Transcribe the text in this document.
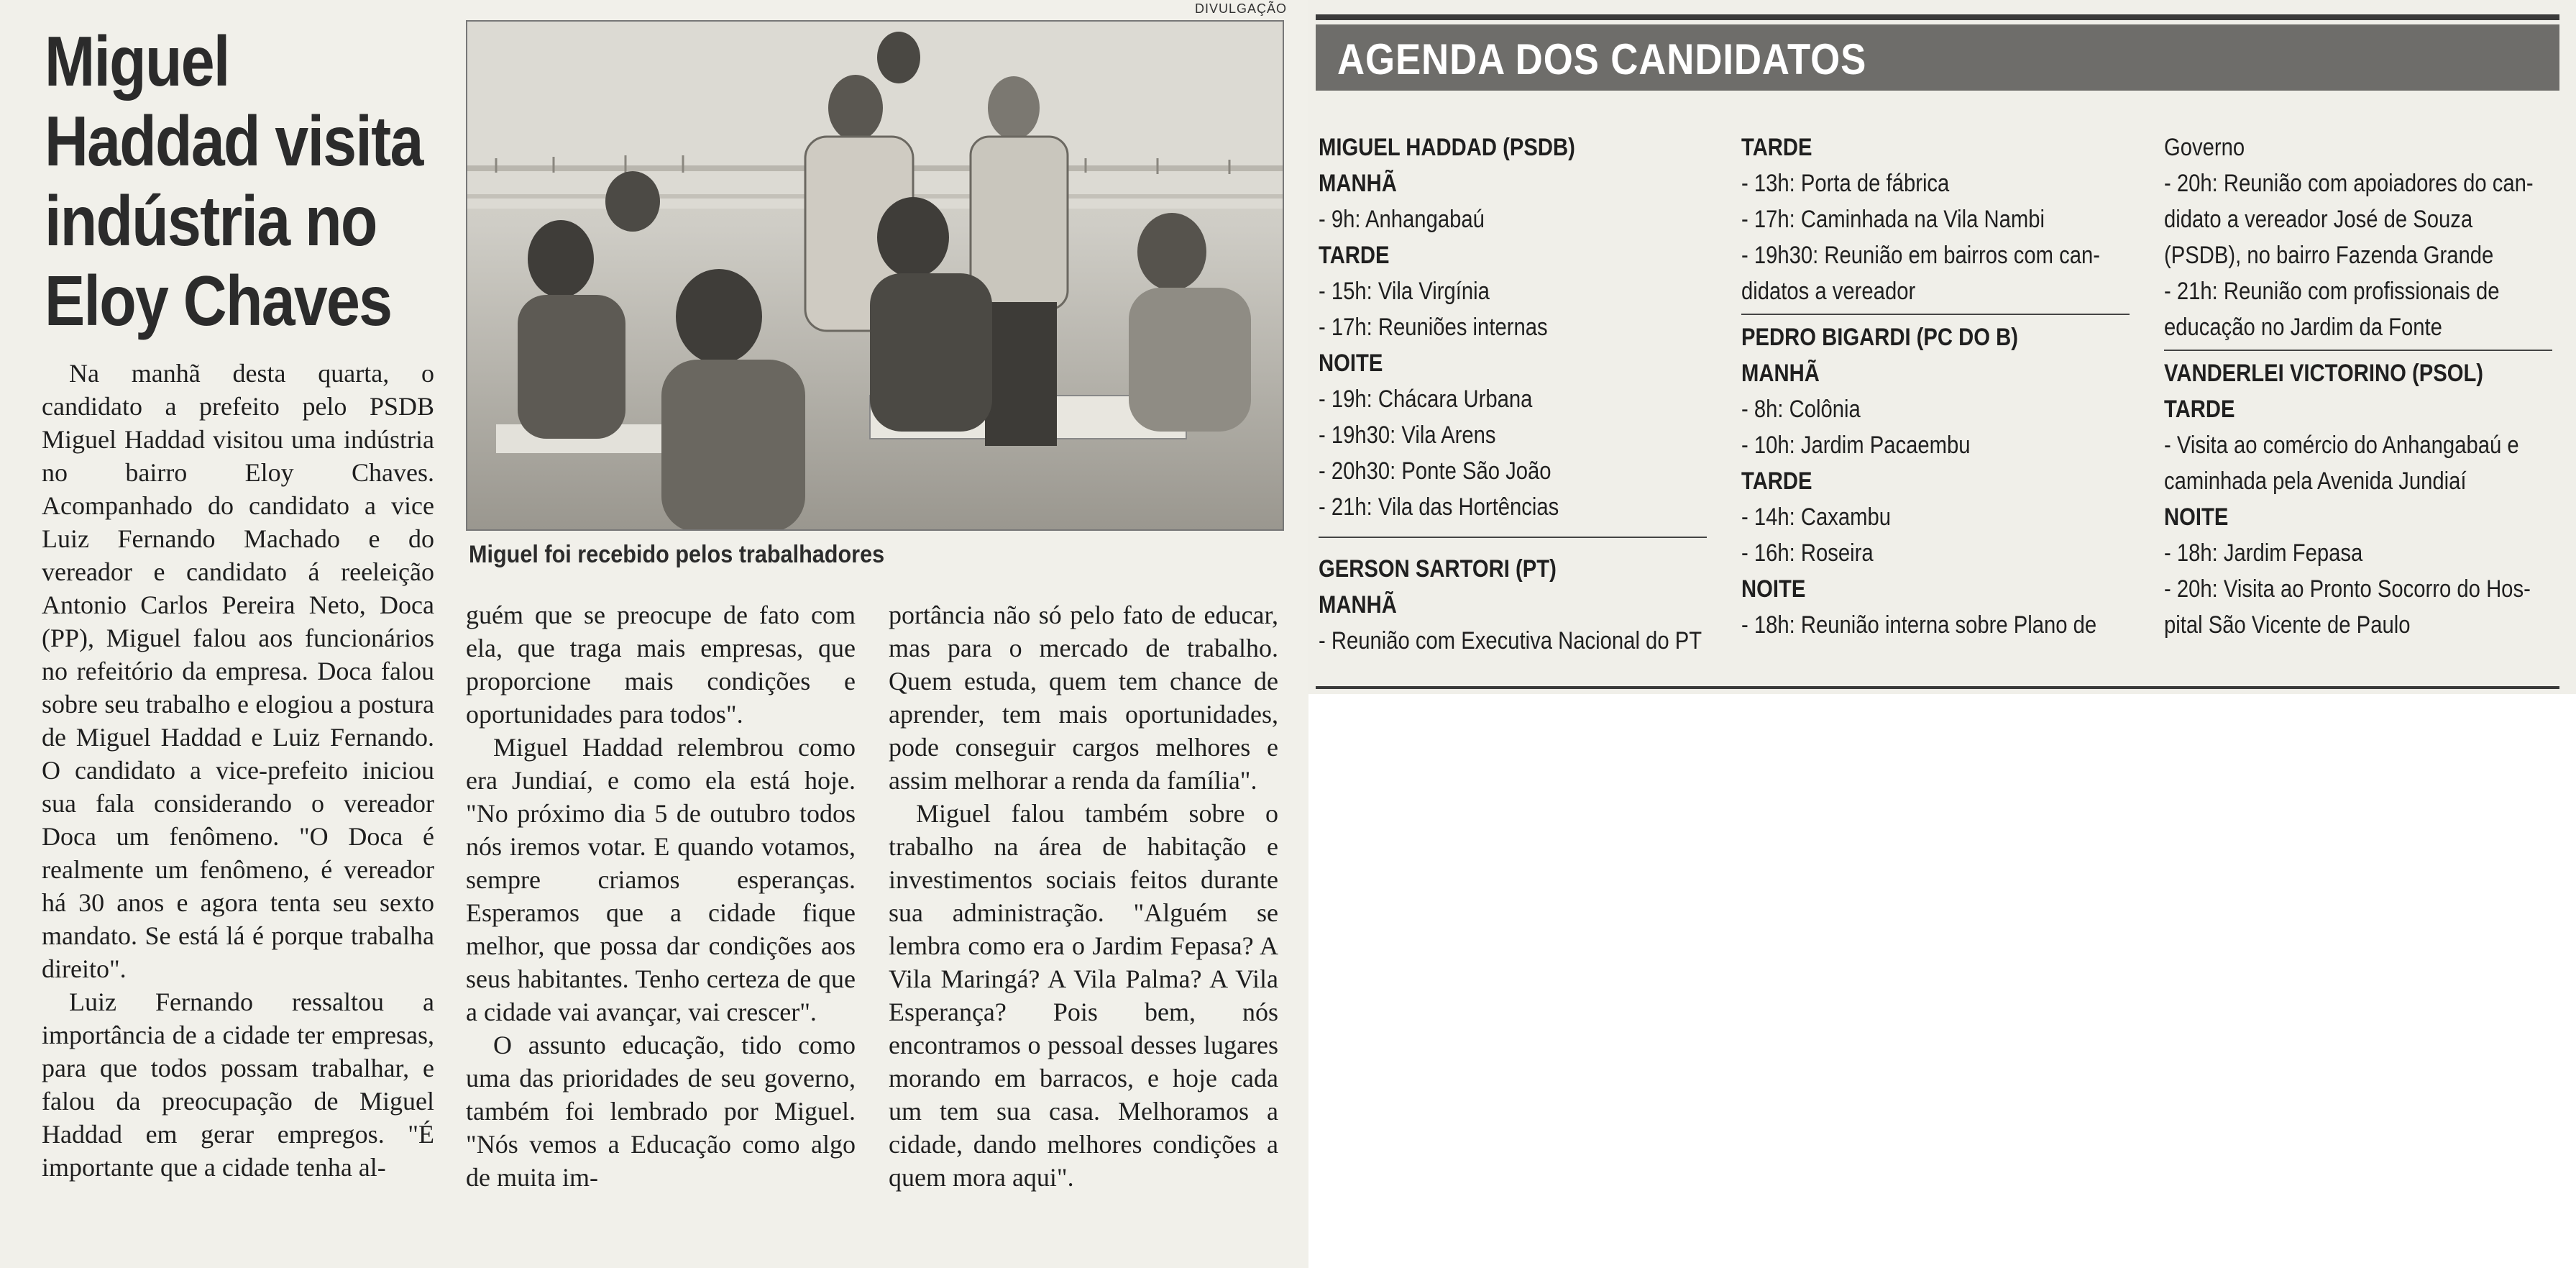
Miguel
Haddad visita
indústria no
Eloy Chaves
DIVULGAÇÃO
Miguel foi recebido pelos trabalhadores

Na manhã desta quarta, o candidato a prefeito pelo PSDB Miguel Haddad visitou uma indústria no bairro Eloy Chaves. Acompanhado do candidato a vice Luiz Fernando Machado e do vereador e candidato á reeleição Antonio Carlos Pereira Neto, Doca (PP), Miguel falou aos funcionários no refeitório da empresa. Doca falou sobre seu trabalho e elogiou a postura de Miguel Haddad e Luiz Fernando. O candidato a vice-prefeito iniciou sua fala considerando o vereador Doca um fenômeno. "O Doca é realmente um fenômeno, é vereador há 30 anos e agora tenta seu sexto mandato. Se está lá é porque trabalha direito".

Luiz Fernando ressaltou a importância de a cidade ter empresas, para que todos possam trabalhar, e falou da preocupação de Miguel Haddad em gerar empregos. "É importante que a cidade tenha al-

guém que se preocupe de fato com ela, que traga mais empresas, que proporcione mais condições e oportunidades para todos".

Miguel Haddad relembrou como era Jundiaí, e como ela está hoje. "No próximo dia 5 de outubro todos nós iremos votar. E quando votamos, sempre criamos esperanças. Esperamos que a cidade fique melhor, que possa dar condições aos seus habitantes. Tenho certeza de que a cidade vai avançar, vai crescer".

O assunto educação, tido como uma das prioridades de seu governo, também foi lembrado por Miguel. "Nós vemos a Educação como algo de muita im-

portância não só pelo fato de educar, mas para o mercado de trabalho. Quem estuda, quem tem chance de aprender, tem mais oportunidades, pode conseguir cargos melhores e assim melhorar a renda da família".

Miguel falou também sobre o trabalho na área de habitação e investimentos sociais feitos durante sua administração. "Alguém se lembra como era o Jardim Fepasa? A Vila Maringá? A Vila Palma? A Vila Esperança? Pois bem, nós encontramos o pessoal desses lugares morando em barracos, e hoje cada um tem sua casa. Melhoramos a cidade, dando melhores condições a quem mora aqui".

AGENDA DOS CANDIDATOS
MIGUEL HADDAD (PSDB)
MANHÃ
- 9h: Anhangabaú
TARDE
- 15h: Vila Virgínia
- 17h: Reuniões internas
NOITE
- 19h: Chácara Urbana
- 19h30: Vila Arens
- 20h30: Ponte São João
- 21h: Vila das Hortências
GERSON SARTORI (PT)
MANHÃ
- Reunião com Executiva Nacional do PT
TARDE
- 13h: Porta de fábrica
- 17h: Caminhada na Vila Nambi
- 19h30: Reunião em bairros com can-
didatos a vereador
PEDRO BIGARDI (PC DO B)
MANHÃ
- 8h: Colônia
- 10h: Jardim Pacaembu
TARDE
- 14h: Caxambu
- 16h: Roseira
NOITE
- 18h: Reunião interna sobre Plano de
Governo
- 20h: Reunião com apoiadores do can-
didato a vereador José de Souza
(PSDB), no bairro Fazenda Grande
- 21h: Reunião com profissionais de
educação no Jardim da Fonte
VANDERLEI VICTORINO (PSOL)
TARDE
- Visita ao comércio do Anhangabaú e
caminhada pela Avenida Jundiaí
NOITE
- 18h: Jardim Fepasa
- 20h: Visita ao Pronto Socorro do Hos-
pital São Vicente de Paulo
